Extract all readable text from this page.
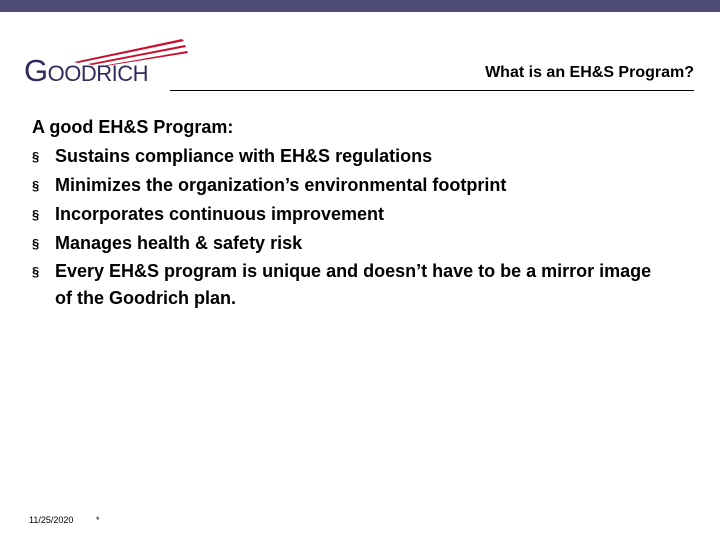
Goodrich	What is an EH&S Program?

A good EH&S Program:

§ Sustains compliance with EH&S regulations
§ Minimizes the organization’s environmental footprint
§ Incorporates continuous improvement
§ Manages health & safety risk
§ Every EH&S program is unique and doesn’t have to be a mirror image of the Goodrich plan.
11/25/2020	*
